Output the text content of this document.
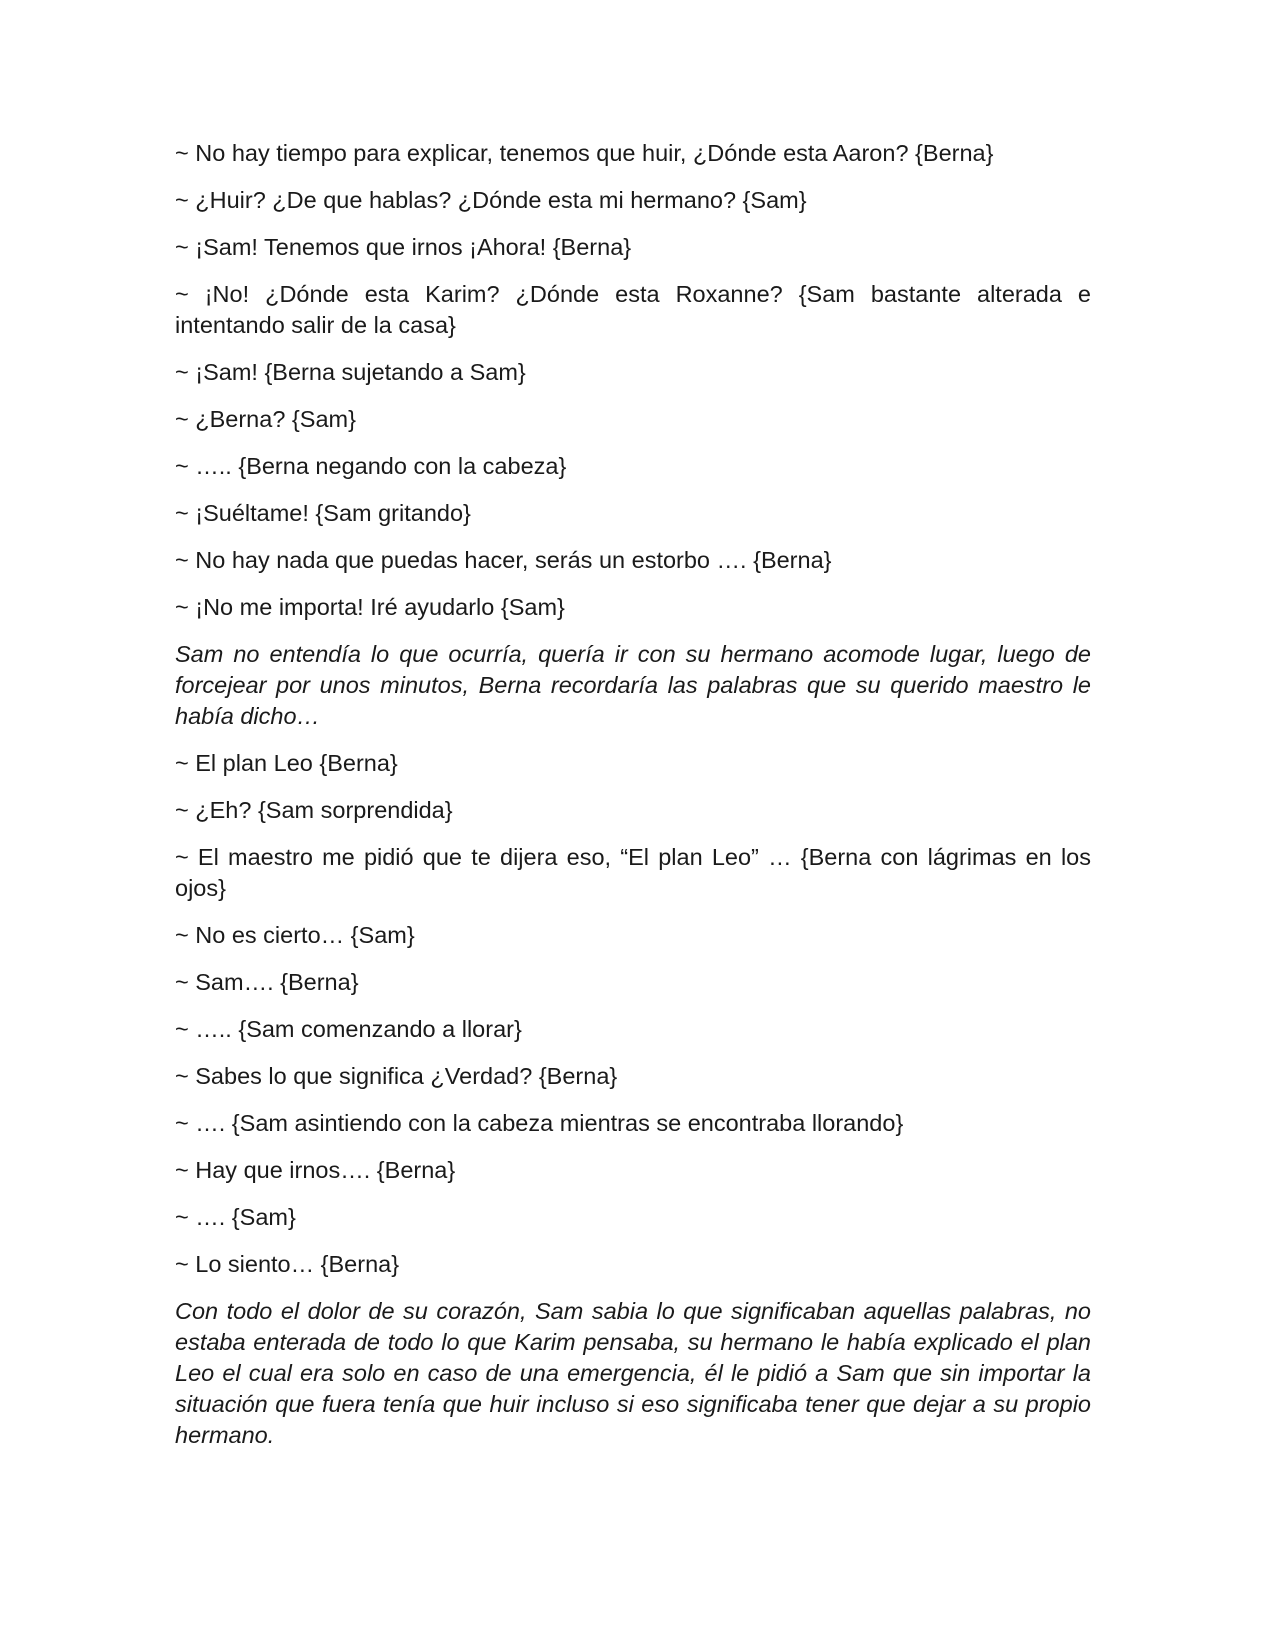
~ No hay tiempo para explicar, tenemos que huir, ¿Dónde esta Aaron? {Berna}

~ ¿Huir? ¿De que hablas? ¿Dónde esta mi hermano? {Sam}

~ ¡Sam! Tenemos que irnos ¡Ahora! {Berna}

~ ¡No! ¿Dónde esta Karim? ¿Dónde esta Roxanne? {Sam bastante alterada e intentando salir de la casa}

~ ¡Sam! {Berna sujetando a Sam}

~ ¿Berna? {Sam}

~ ….. {Berna negando con la cabeza}

~ ¡Suéltame! {Sam gritando}

~ No hay nada que puedas hacer, serás un estorbo …. {Berna}

~ ¡No me importa! Iré ayudarlo {Sam}

Sam no entendía lo que ocurría, quería ir con su hermano acomode lugar, luego de forcejear por unos minutos, Berna recordaría las palabras que su querido maestro le había dicho…

~ El plan Leo {Berna}

~ ¿Eh? {Sam sorprendida}

~ El maestro me pidió que te dijera eso, “El plan Leo” … {Berna con lágrimas en los ojos}

~ No es cierto… {Sam}

~ Sam…. {Berna}

~ ….. {Sam comenzando a llorar}

~ Sabes lo que significa ¿Verdad? {Berna}

~ …. {Sam asintiendo con la cabeza mientras se encontraba llorando}

~ Hay que irnos…. {Berna}

~ …. {Sam}

~ Lo siento… {Berna}

Con todo el dolor de su corazón, Sam sabia lo que significaban aquellas palabras, no estaba enterada de todo lo que Karim pensaba, su hermano le había explicado el plan Leo el cual era solo en caso de una emergencia, él le pidió a Sam que sin importar la situación que fuera tenía que huir incluso si eso significaba tener que dejar a su propio hermano.
